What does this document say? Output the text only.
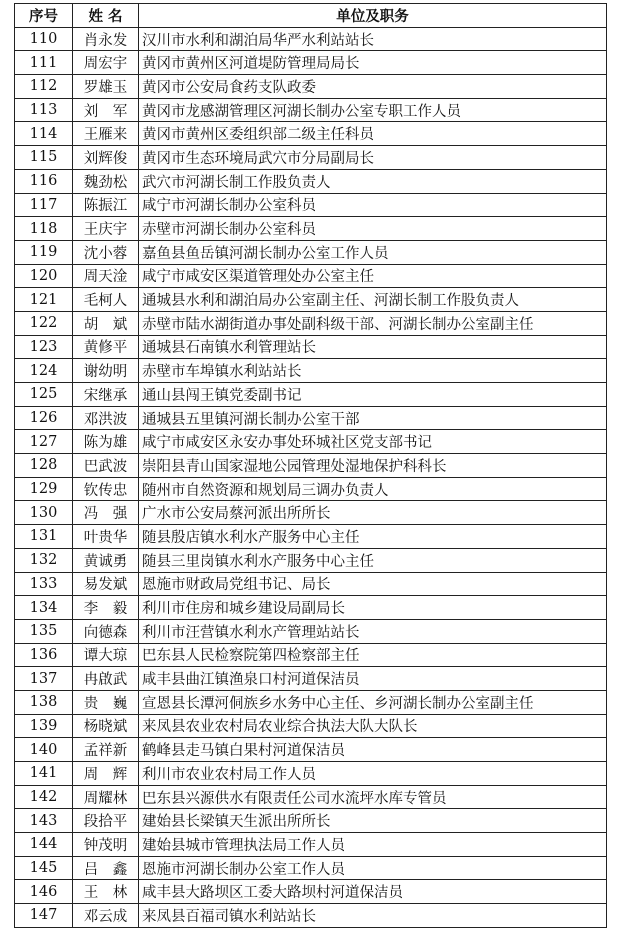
序号	姓 名	单位及职务
110	肖永发	汉川市水利和湖泊局华严水利站站长
111	周宏宇	黄冈市黄州区河道堤防管理局局长
112	罗雄玉	黄冈市公安局食药支队政委
113	刘　军	黄冈市龙感湖管理区河湖长制办公室专职工作人员
114	王雁来	黄冈市黄州区委组织部二级主任科员
115	刘辉俊	黄冈市生态环境局武穴市分局副局长
116	魏劲松	武穴市河湖长制工作股负责人
117	陈振江	咸宁市河湖长制办公室科员
118	王庆宇	赤壁市河湖长制办公室科员
119	沈小蓉	嘉鱼县鱼岳镇河湖长制办公室工作人员
120	周天淦	咸宁市咸安区渠道管理处办公室主任
121	毛柯人	通城县水利和湖泊局办公室副主任、河湖长制工作股负责人
122	胡　斌	赤壁市陆水湖街道办事处副科级干部、河湖长制办公室副主任
123	黄修平	通城县石南镇水利管理站长
124	谢幼明	赤壁市车埠镇水利站站长
125	宋继承	通山县闯王镇党委副书记
126	邓洪波	通城县五里镇河湖长制办公室干部
127	陈为雄	咸宁市咸安区永安办事处环城社区党支部书记
128	巴武波	崇阳县青山国家湿地公园管理处湿地保护科科长
129	钦传忠	随州市自然资源和规划局三调办负责人
130	冯　强	广水市公安局蔡河派出所所长
131	叶贵华	随县殷店镇水利水产服务中心主任
132	黄诚勇	随县三里岗镇水利水产服务中心主任
133	易发斌	恩施市财政局党组书记、局长
134	李　毅	利川市住房和城乡建设局副局长
135	向德森	利川市汪营镇水利水产管理站站长
136	谭大琼	巴东县人民检察院第四检察部主任
137	冉啟武	咸丰县曲江镇渔泉口村河道保洁员
138	贵　巍	宣恩县长潭河侗族乡水务中心主任、乡河湖长制办公室副主任
139	杨晓斌	来凤县农业农村局农业综合执法大队大队长
140	孟祥新	鹤峰县走马镇白果村河道保洁员
141	周　辉	利川市农业农村局工作人员
142	周耀林	巴东县兴源供水有限责任公司水流坪水库专管员
143	段拾平	建始县长梁镇天生派出所所长
144	钟茂明	建始县城市管理执法局工作人员
145	吕　鑫	恩施市河湖长制办公室工作人员
146	王　林	咸丰县大路坝区工委大路坝村河道保洁员
147	邓云成	来凤县百福司镇水利站站长
